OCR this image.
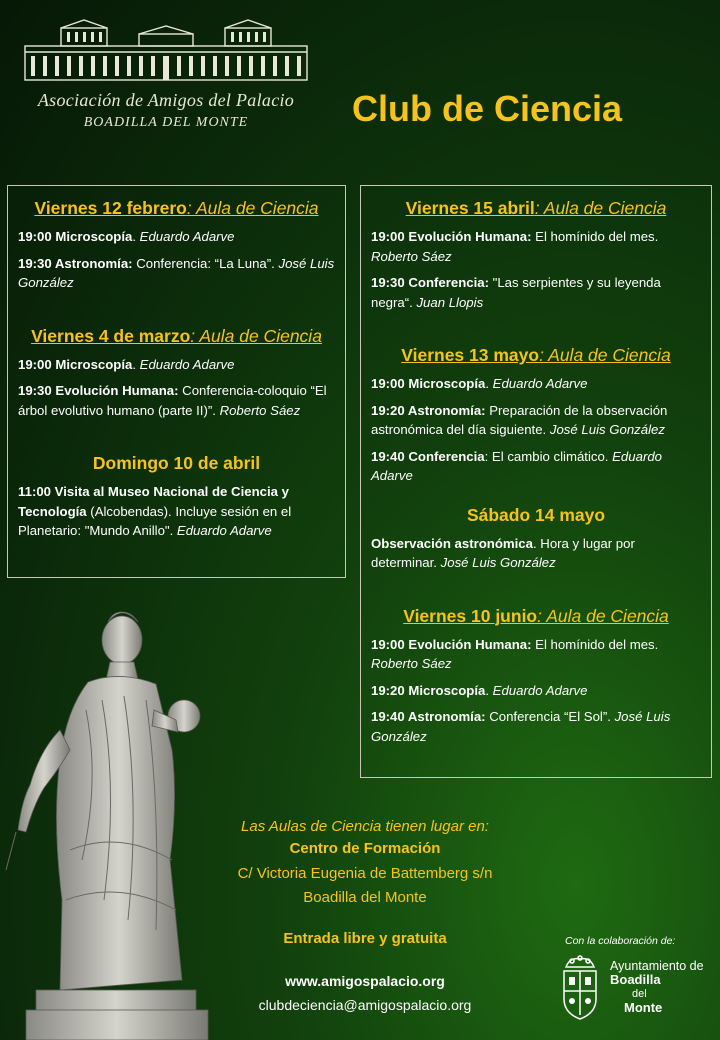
Asociación de Amigos del Palacio
BOADILLA DEL MONTE	Club de Ciencia
Viernes 12 febrero: Aula de Ciencia
19:00 Microscopía. Eduardo Adarve
19:30 Astronomía: Conferencia: “La Luna”. José Luis González
Viernes 4 de marzo: Aula de Ciencia
19:00 Microscopía. Eduardo Adarve
19:30 Evolución Humana: Conferencia-coloquio “El árbol evolutivo humano (parte II)”. Roberto Sáez
Domingo 10 de abril
11:00 Visita al Museo Nacional de Ciencia y Tecnología (Alcobendas). Incluye sesión en el Planetario: "Mundo Anillo". Eduardo Adarve
Viernes 15 abril: Aula de Ciencia
19:00 Evolución Humana: El homínido del mes. Roberto Sáez
19:30 Conferencia: "Las serpientes y su leyenda negra“. Juan Llopis
Viernes 13 mayo: Aula de Ciencia
19:00 Microscopía. Eduardo Adarve
19:20 Astronomía: Preparación de la observación astronómica del día siguiente. José Luis González
19:40 Conferencia: El cambio climático. Eduardo Adarve
Sábado 14 mayo
Observación astronómica. Hora y lugar por determinar. José Luis González
Viernes 10 junio: Aula de Ciencia
19:00 Evolución Humana: El homínido del mes. Roberto Sáez
19:20 Microscopía. Eduardo Adarve
19:40 Astronomía: Conferencia “El Sol”. José Luis González
Las Aulas de Ciencia tienen lugar en:
Centro de Formación
C/ Victoria Eugenia de Battemberg s/n
Boadilla del Monte
Entrada libre y gratuita
www.amigospalacio.org
clubdeciencia@amigospalacio.org
Con la colaboración de:
Ayuntamiento de
Boadilla
del
Monte
